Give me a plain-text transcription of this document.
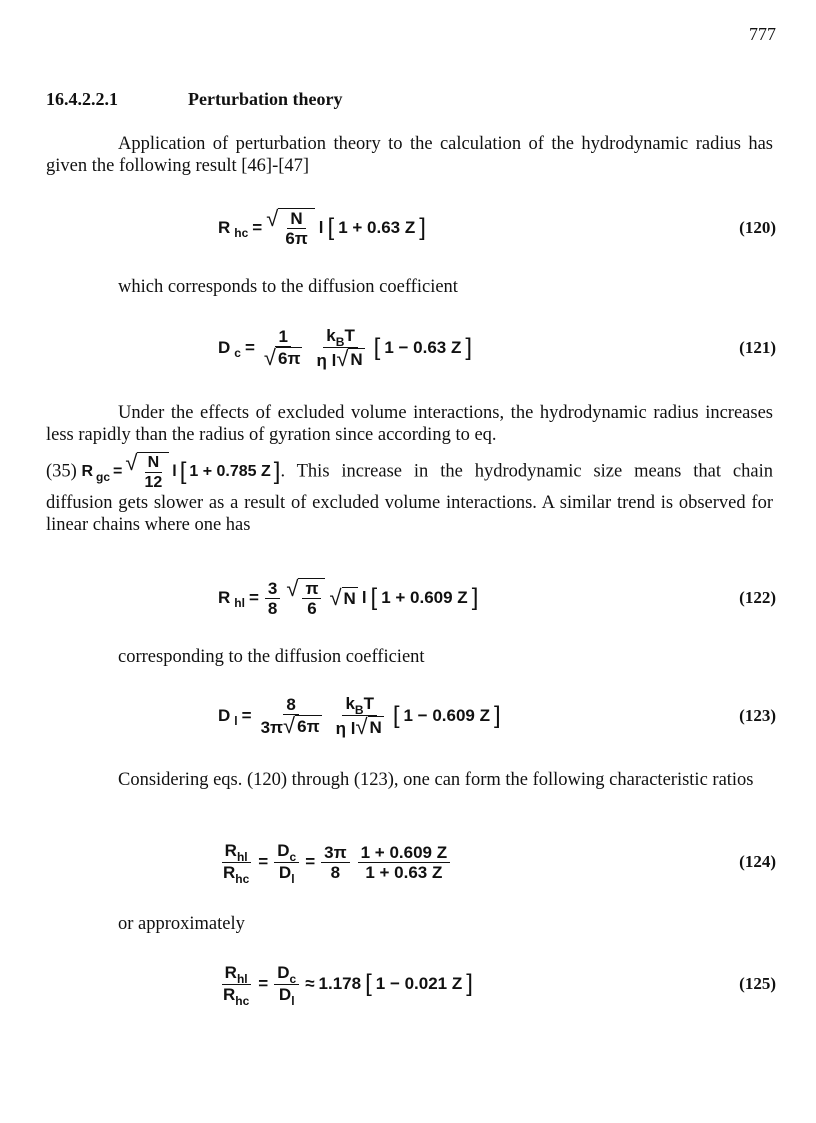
777
16.4.2.2.1	Perturbation theory
Application of perturbation theory to the calculation of the hydrodynamic radius has given the following result [46]-[47]
R hc = √ $\frac{N}{6\pi}$ l [ 1 + 0.63 Z ]	(120)
which corresponds to the diffusion coefficient
D $c = \frac{1}{√ 6\pi} \frac{k_BT}{\text{η l √ N}}$ [ 1 − 0.63 Z ]	(121)
Under the effects of excluded volume interactions, the hydrodynamic radius increases less rapidly than the radius of gyration since according to eq.
(35) R gc = √ $\frac{N}{12}$ l [ 1 + 0.785 Z ] . This increase in the hydrodynamic size means that chain diffusion gets slower as a result of excluded volume interactions. A similar trend is observed for linear chains where one has
R hl = $\frac{3}{8}$ √ $\frac{\pi}{6}$ √ N l [ 1 + 0.609 Z ]	(122)
corresponding to the diffusion coefficient
D $l = \frac{8}{3\pi √ 6\pi} \frac{k_BT}{\text{η l √ N}}$ [ 1 − 0.609 Z ]	(123)
Considering eqs. (120) through (123), one can form the following characteristic ratios
$\frac{R_{hl}}{R_{hc}} = \frac{D_c}{D_l} = \frac{3\pi}{8} \frac{1 + 0.609 Z}{1 + 0.63 Z}$	(124)
or approximately
$\frac{R_{hl}}{R_{hc}} = \frac{D_c}{D_l} \approx 1.178$ [ 1 − 0.021 Z ]	(125)
